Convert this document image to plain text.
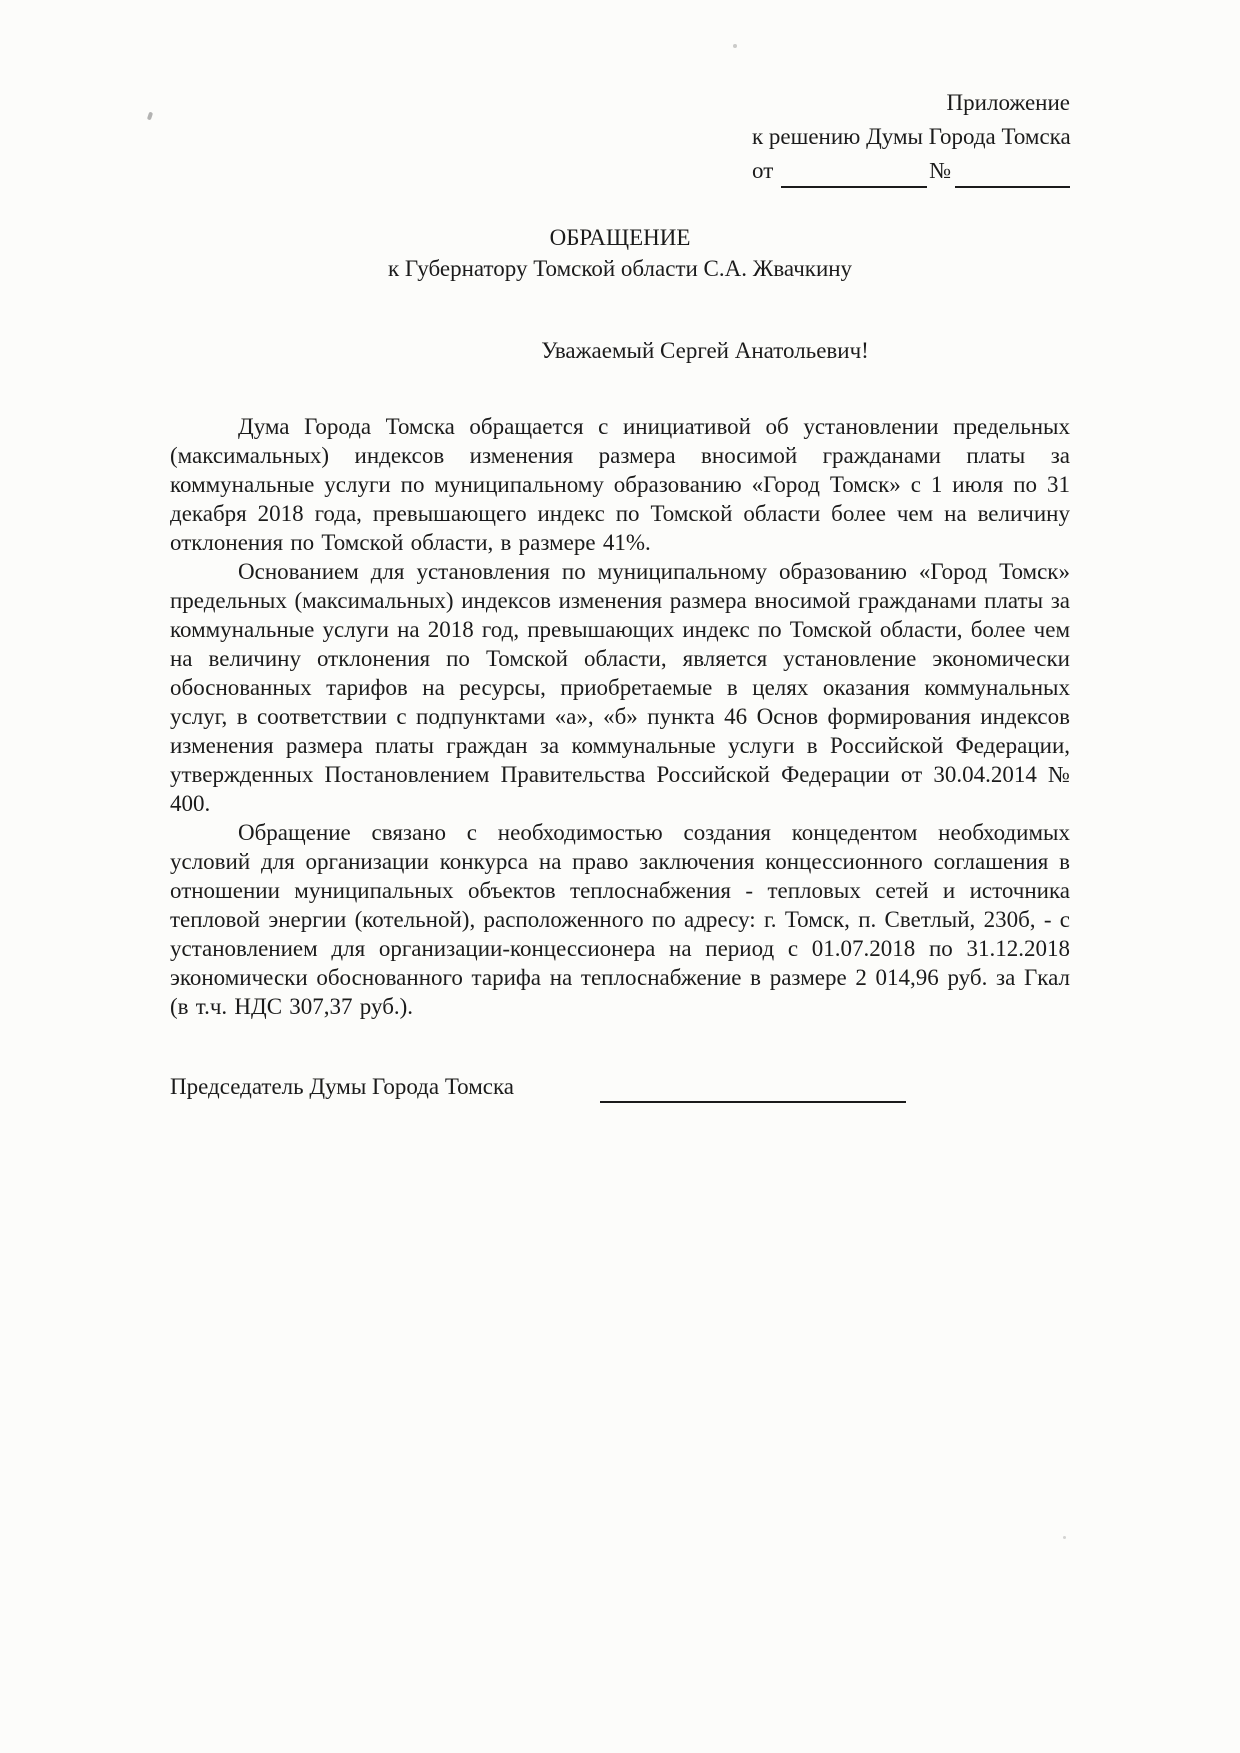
Приложение
к решению Думы Города Томска
от	№
ОБРАЩЕНИЕ
к Губернатору Томской области С.А. Жвачкину
Уважаемый Сергей Анатольевич!

Дума Города Томска обращается с инициативой об установлении предельных (максимальных) индексов изменения размера вносимой гражданами платы за коммунальные услуги по муниципальному образованию «Город Томск» с 1 июля по 31 декабря 2018 года, превышающего индекс по Томской области более чем на величину отклонения по Томской области, в размере 41%.

Основанием для установления по муниципальному образованию «Город Томск» предельных (максимальных) индексов изменения размера вносимой гражданами платы за коммунальные услуги на 2018 год, превышающих индекс по Томской области, более чем на величину отклонения по Томской области, является установление экономически обоснованных тарифов на ресурсы, приобретаемые в целях оказания коммунальных услуг, в соответствии с подпунктами «а», «б» пункта 46 Основ формирования индексов изменения размера платы граждан за коммунальные услуги в Российской Федерации, утвержденных Постановлением Правительства Российской Федерации от 30.04.2014 № 400.

Обращение связано с необходимостью создания концедентом необходимых условий для организации конкурса на право заключения концессионного соглашения в отношении муниципальных объектов теплоснабжения - тепловых сетей и источника тепловой энергии (котельной), расположенного по адресу: г. Томск, п. Светлый, 230б, - с установлением для организации-концессионера на период с 01.07.2018 по 31.12.2018 экономически обоснованного тарифа на теплоснабжение в размере 2 014,96 руб. за Гкал (в т.ч. НДС 307,37 руб.).

Председатель Думы Города Томска
